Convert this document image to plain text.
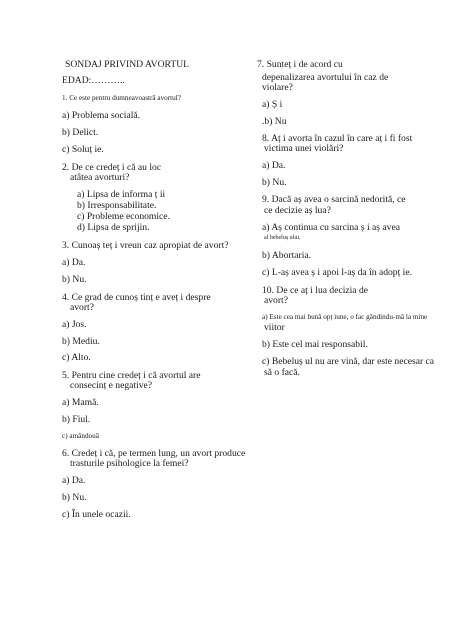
SONDAJ PRIVIND AVORTUL
EDAD:………..
1. Ce este pentru dumneavoastră avortul?
a) Problema socială.
b) Delict.
c) Soluț ie.
2. De ce credeț i că au loc
atâtea avorturi?
a) Lipsa de informa ț ii
b) Irresponsabilitate.
c) Probleme economice.
d) Lipsa de sprijin.
3. Cunoaș teț i vreun caz apropiat de avort?
a) Da.
b) Nu.
4. Ce grad de cunoș tinț e aveț i despre
avort?
a) Jos.
b) Mediu.
c) Alto.
5. Pentru cine credeț i că avortul are
consecinț e negative?
a) Mamă.
b) Fiul.
c) amândouă
6. Credeț i că, pe termen lung, un avort produce
trasturile psihologice la femei?
a) Da.
b) Nu.
c) În unele ocazii.
7. Sunteț i de acord cu
depenalizarea avortului în caz de
violare?
a) Ș i
.b) Nu
8. Aț i avorta în cazul în care aț i fi fost
victima unei violări?
a) Da.
b) Nu.
9. Dacă aș avea o sarcină nedorită, ce
ce decizie aș lua?
a) Aș continua cu sarcina ș i aș avea
al bebeluș ului.
b) Abortaria.
c) L-aș avea ș i apoi l-aș da în adopț ie.
10. De ce aț i lua decizia de
avort?
a) Este cea mai bună opț iune, o fac gândindu-mă la mine
viitor
b) Este cel mai responsabil.
c) Bebeluș ul nu are vină, dar este necesar ca
să o facă.
